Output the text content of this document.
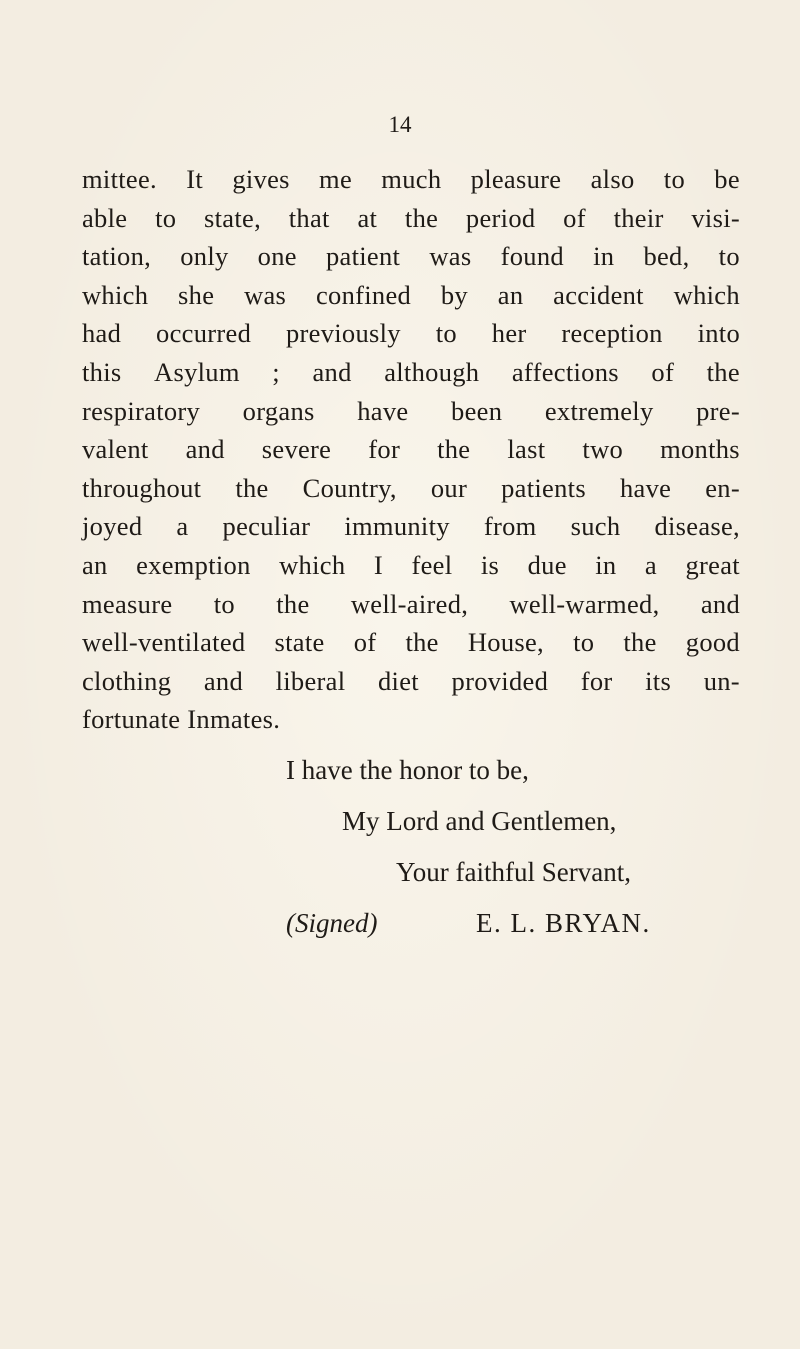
14
mittee. It gives me much pleasure also to be
able to state, that at the period of their visi-
tation, only one patient was found in bed, to
which she was confined by an accident which
had occurred previously to her reception into
this Asylum ; and although affections of the
respiratory organs have been extremely pre-
valent and severe for the last two months
throughout the Country, our patients have en-
joyed a peculiar immunity from such disease,
an exemption which I feel is due in a great
measure to the well-aired, well-warmed, and
well-ventilated state of the House, to the good
clothing and liberal diet provided for its un-
fortunate Inmates.
I have the honor to be,
My Lord and Gentlemen,
Your faithful Servant,
(Signed)	E. L. BRYAN.
